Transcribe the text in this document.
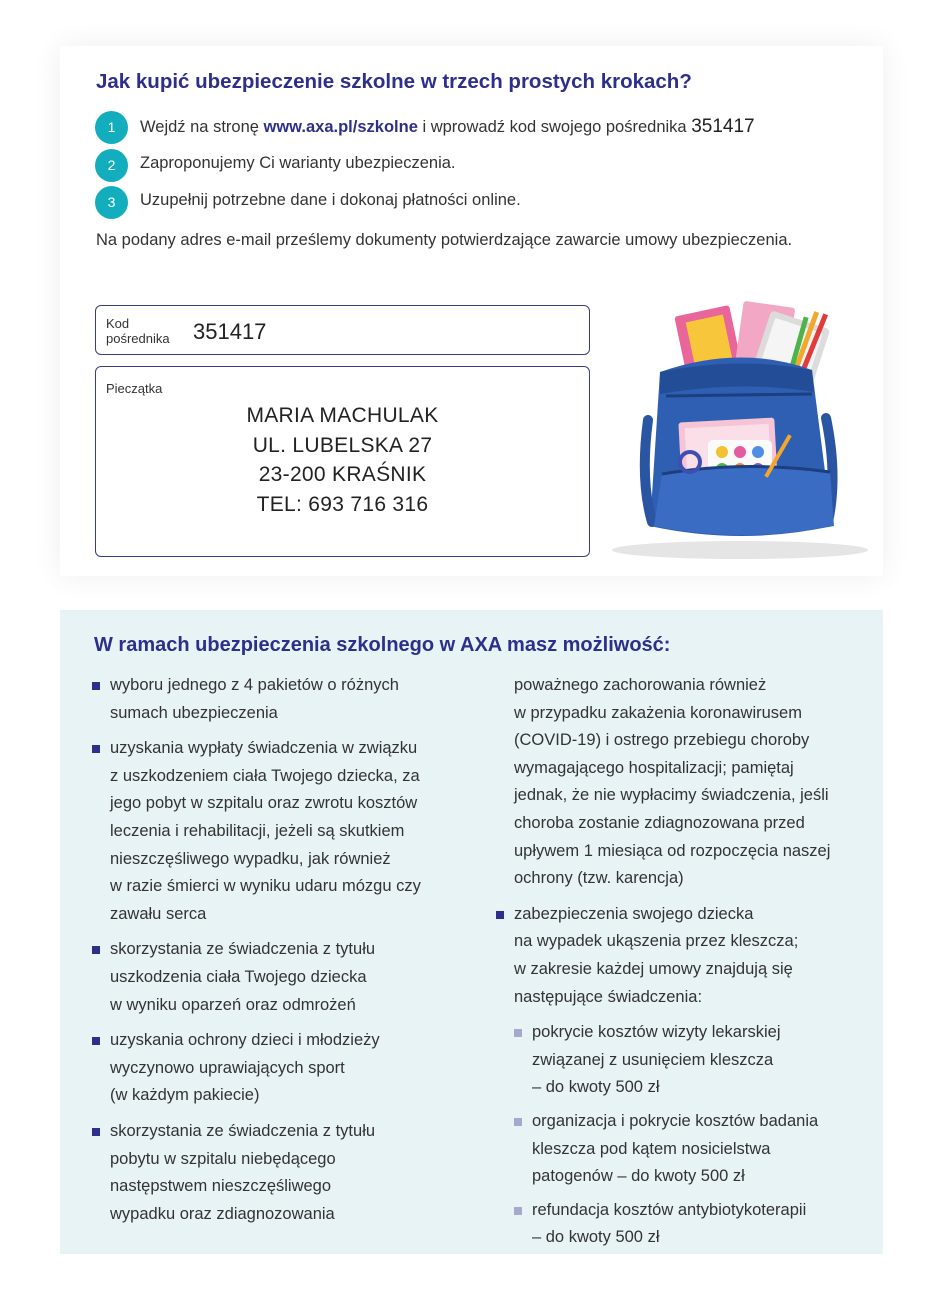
Jak kupić ubezpieczenie szkolne w trzech prostych krokach?
1	Wejdź na stronę www.axa.pl/szkolne i wprowadź kod swojego pośrednika 351417
2	Zaproponujemy Ci warianty ubezpieczenia.
3	Uzupełnij potrzebne dane i dokonaj płatności online.
Na podany adres e-mail prześlemy dokumenty potwierdzające zawarcie umowy ubezpieczenia.
Kod
pośrednika 351417
Pieczątka
MARIA MACHULAK
UL. LUBELSKA 27
23-200 KRAŚNIK
TEL: 693 716 316
W ramach ubezpieczenia szkolnego w AXA masz możliwość:

wyboru jednego z 4 pakietów o różnych

sumach ubezpieczenia

uzyskania wypłaty świadczenia w związku

z uszkodzeniem ciała Twojego dziecka, za

jego pobyt w szpitalu oraz zwrotu kosztów

leczenia i rehabilitacji, jeżeli są skutkiem

nieszczęśliwego wypadku, jak również

w razie śmierci w wyniku udaru mózgu czy

zawału serca

skorzystania ze świadczenia z tytułu

uszkodzenia ciała Twojego dziecka

w wyniku oparzeń oraz odmrożeń

uzyskania ochrony dzieci i młodzieży

wyczynowo uprawiających sport

(w każdym pakiecie)

skorzystania ze świadczenia z tytułu

pobytu w szpitalu niebędącego

następstwem nieszczęśliwego

wypadku oraz zdiagnozowania

poważnego zachorowania również

w przypadku zakażenia koronawirusem

(COVID-19) i ostrego przebiegu choroby

wymagającego hospitalizacji; pamiętaj

jednak, że nie wypłacimy świadczenia, jeśli

choroba zostanie zdiagnozowana przed

upływem 1 miesiąca od rozpoczęcia naszej

ochrony (tzw. karencja)

zabezpieczenia swojego dziecka

na wypadek ukąszenia przez kleszcza;

w zakresie każdej umowy znajdują się

następujące świadczenia:

pokrycie kosztów wizyty lekarskiej

związanej z usunięciem kleszcza

– do kwoty 500 zł

organizacja i pokrycie kosztów badania

kleszcza pod kątem nosicielstwa

patogenów – do kwoty 500 zł

refundacja kosztów antybiotykoterapii

– do kwoty 500 zł
